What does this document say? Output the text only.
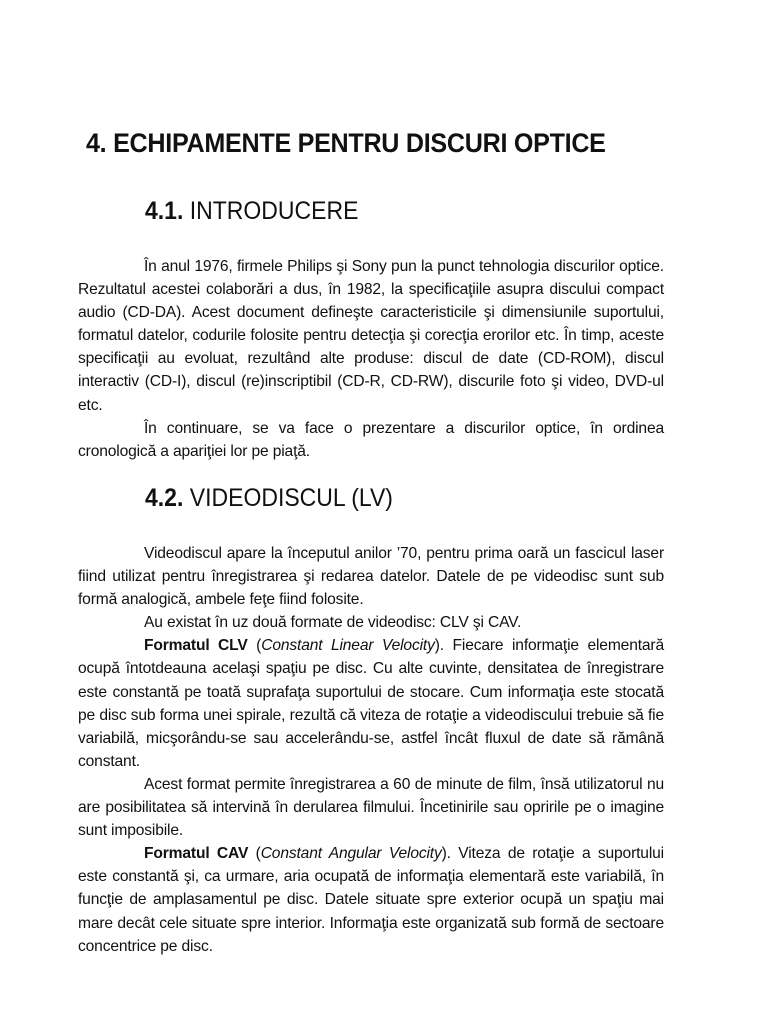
4. ECHIPAMENTE PENTRU DISCURI OPTICE
4.1. INTRODUCERE

În anul 1976, firmele Philips şi Sony pun la punct tehnologia discurilor optice. Rezultatul acestei colaborări a dus, în 1982, la specificaţiile asupra discului compact audio (CD-DA). Acest document defineşte caracteristicile şi dimensiunile suportului, formatul datelor, codurile folosite pentru detecţia şi corecţia erorilor etc. În timp, aceste specificaţii au evoluat, rezultând alte produse: discul de date (CD-ROM), discul interactiv (CD-I), discul (re)inscriptibil (CD-R, CD-RW), discurile foto şi video, DVD-ul etc.

În continuare, se va face o prezentare a discurilor optice, în ordinea cronologică a apariţiei lor pe piaţă.

4.2. VIDEODISCUL (LV)

Videodiscul apare la începutul anilor ’70, pentru prima oară un fascicul laser fiind utilizat pentru înregistrarea şi redarea datelor. Datele de pe videodisc sunt sub formă analogică, ambele feţe fiind folosite.

Au existat în uz două formate de videodisc: CLV şi CAV.

Formatul CLV (Constant Linear Velocity). Fiecare informaţie elementară ocupă întotdeauna acelaşi spaţiu pe disc. Cu alte cuvinte, densitatea de înregistrare este constantă pe toată suprafaţa suportului de stocare. Cum informaţia este stocată pe disc sub forma unei spirale, rezultă că viteza de rotaţie a videodiscului trebuie să fie variabilă, micşorându-se sau accelerându-se, astfel încât fluxul de date să rămână constant.

Acest format permite înregistrarea a 60 de minute de film, însă utilizatorul nu are posibilitatea să intervină în derularea filmului. Încetinirile sau opririle pe o imagine sunt imposibile.

Formatul CAV (Constant Angular Velocity). Viteza de rotaţie a suportului este constantă şi, ca urmare, aria ocupată de informaţia elementară este variabilă, în funcţie de amplasamentul pe disc. Datele situate spre exterior ocupă un spaţiu mai mare decât cele situate spre interior. Informaţia este organizată sub formă de sectoare concentrice pe disc.
